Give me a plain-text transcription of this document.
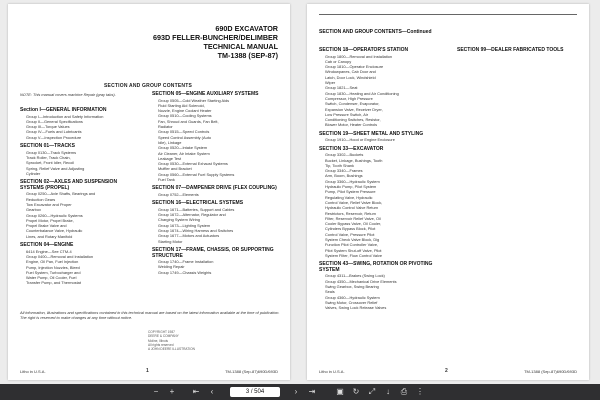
690D EXCAVATOR
693D FELLER-BUNCHER/DELIMBER
TECHNICAL MANUAL
TM-1388 (SEP-87)
SECTION AND GROUP CONTENTS
NOTE: This manual covers machine Repair (gray tabs).
Section I—GENERAL INFORMATION
Group I—Introduction and Safety Information
Group II—General Specifications
Group III—Torque Values
Group IV—Fuels and Lubricants
Group V—Inspection Procedure
SECTION 01—TRACKS
Group 0130—Track Systems
Track Roller, Track Chain,
Sprocket, Front Idler, Recoil
Spring, Relief Valve and Adjusting
Cylinder
SECTION 02—AXLES AND SUSPENSION SYSTEMS (PROPEL)
Group 0250—Axle Shafts, Bearings and
Reduction Gears
Tow Excavator and Proper
Gearbox
Group 0260—Hydraulic Systems
Propel Motor, Propel Brake,
Propel Brake Valve and
Counterbalance Valve, Hydraulic
Lines, and Rotary Manifold
SECTION 04—ENGINE
6414 Engine—See CTM-4
Group 0400—Removal and Installation
Engine, Oil Pan, Fuel Injection
Pump, Injection Nozzles, Bleed
Fuel System, Turbocharger and
Water Pump, Oil Cooler, Fuel
Transfer Pump, and Thermostat
SECTION 05—ENGINE AUXILIARY SYSTEMS
Group 0505—Cold Weather Starting Aids
Fluid Starting Aid Solenoid,
Nozzle, Engine Coolant Heater
Group 0510—Cooling Systems
Fan, Shroud and Guards, Fan Belt,
Radiator
Group 0515—Speed Controls
Speed Control Assembly (Auto
Idle), Linkage
Group 0520—Intake System
Air Cleaner, Air Intake System
Leakage Test
Group 0530—External Exhaust Systems
Muffler and Bracket
Group 0560—External Fuel Supply Systems
Fuel Tank
SECTION 07—DAMPENER DRIVE (FLEX COUPLING)
Group 0752—Elements
SECTION 16—ELECTRICAL SYSTEMS
Group 1671—Batteries, Support and Cables
Group 1672—Alternator, Regulator and
Charging System Wiring
Group 1673—Lighting System
Group 1674—Wiring Harness and Switches
Group 1677—Motors and Actuators
Starting Motor
SECTION 17—FRAME, CHASSIS, OR SUPPORTING STRUCTURE
Group 1740—Frame Installation
Welding Repair
Group 1749—Chassis Weights
All information, illustrations and specifications contained in this technical manual are based on the latest information available at the time of publication. The right is reserved to make changes at any time without notice.
COPYRIGHT 1987
DEERE & COMPANY
Moline, Illinois
All rights reserved
A JOHN DEERE ILLUSTRATION
Litho in U.S.A.	1	TM-1388 (Sep-87)690D/693D
SECTION AND GROUP CONTENTS—Continued
SECTION 18—OPERATOR'S STATION
Group 1800—Removal and Installation
Cab or Canopy
Group 1810—Operator Enclosure
Windowpanes, Cab Door and
Latch, Door Lock, Windshield
Wiper
Group 1821—Seat
Group 1830—Heating and Air Conditioning
Compressor, High Pressure
Switch, Condenser, Evaporator,
Expansion Valve, Receiver Dryer,
Low Pressure Switch, Air
Conditioning Switches, Resistor,
Blower Motor, Heater Controls
SECTION 19—SHEET METAL AND STYLING
Group 1910—Hood or Engine Enclosure
SECTION 33—EXCAVATOR
Group 3302—Buckets
Bucket, Linkage, Bushings, Tooth
Tip, Tooth Shank
Group 3340—Frames
Arm, Boom, Bushings
Group 3360—Hydraulic System
Hydraulic Pump, Pilot System
Pump, Pilot System Pressure
Regulating Valve, Hydraulic
Control Valve, Relief Valve Block,
Hydraulic Control Valve Return
Restrictors, Reservoir, Return
Filter, Reservoir Relief Valve, Oil
Cooler Bypass Valve, Oil Cooler,
Cylinders Bypass Block, Pilot
Control Valve, Pressure Pilot
System Check Valve Block, Dig
Function Pilot Controller Valve,
Pilot System Shut-off Valve, Pilot
System Filter, Flow Control Valve
SECTION 43—SWING, ROTATION OR PIVOTING SYSTEM
Group 4311—Brakes (Swing Lock)
Group 4350—Mechanical Drive Elements
Swing Gearbox, Swing Bearing
Seals
Group 4360—Hydraulic System
Swing Motor, Crossover Relief
Valves, Swing Lock Release Valves
SECTION 99—DEALER FABRICATED TOOLS
Litho in U.S.A.	2	TM-1388 (Sep-87)690D/693D
−	+	⇤	‹	3 / 504	›	⇥	▣	↻	⤢	↓	⎙	⋮
